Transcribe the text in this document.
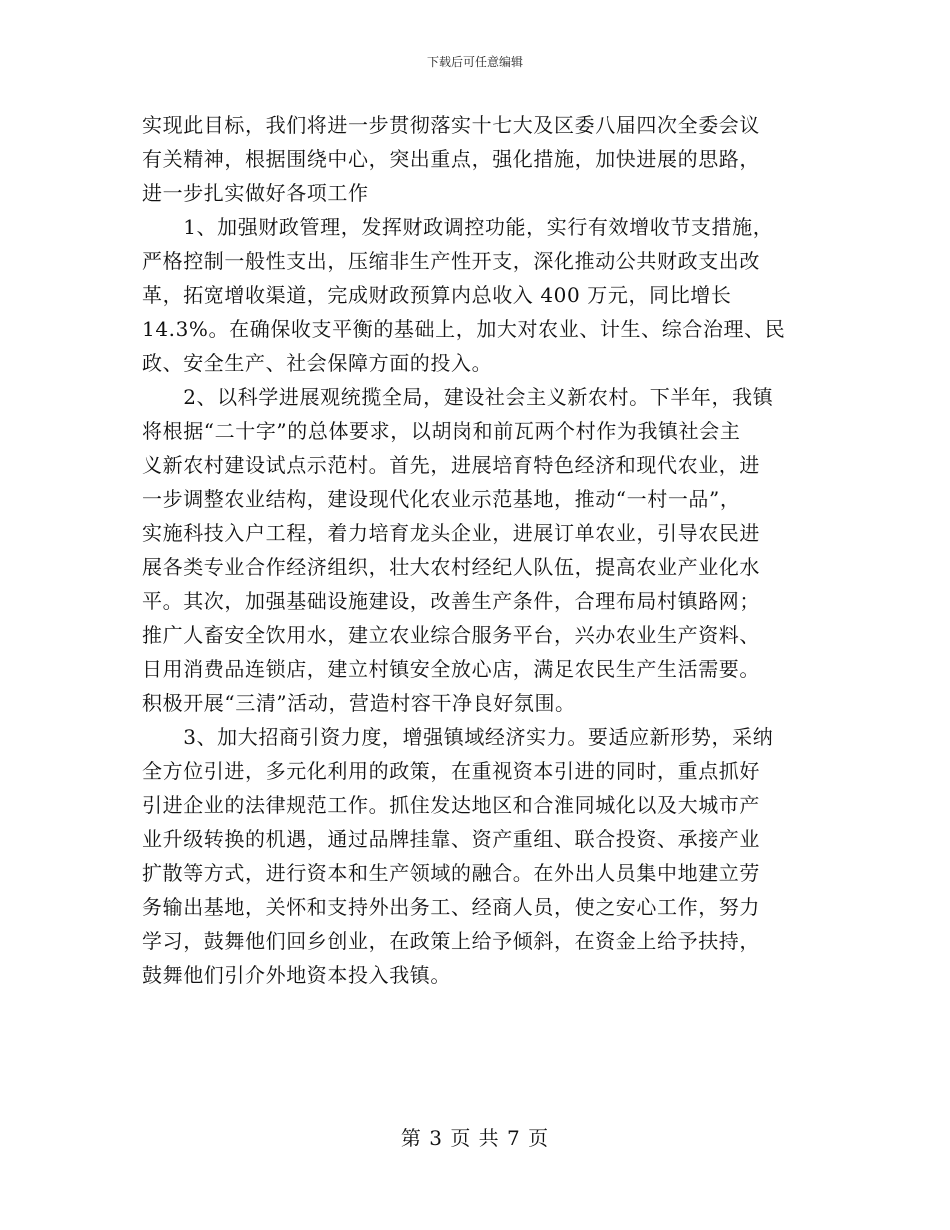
下载后可任意编辑

实现此目标，我们将进一步贯彻落实十七大及区委八届四次全委会议
有关精神，根据围绕中心，突出重点，强化措施，加快进展的思路，
进一步扎实做好各项工作

　　1、加强财政管理，发挥财政调控功能，实行有效增收节支措施，
严格控制一般性支出，压缩非生产性开支，深化推动公共财政支出改
革，拓宽增收渠道，完成财政预算内总收入 400 万元，同比增长
14.3%。在确保收支平衡的基础上，加大对农业、计生、综合治理、民
政、安全生产、社会保障方面的投入。

　　2、以科学进展观统揽全局，建设社会主义新农村。下半年，我镇
将根据“二十字”的总体要求，以胡岗和前瓦两个村作为我镇社会主
义新农村建设试点示范村。首先，进展培育特色经济和现代农业，进
一步调整农业结构，建设现代化农业示范基地，推动“一村一品”，
实施科技入户工程，着力培育龙头企业，进展订单农业，引导农民进
展各类专业合作经济组织，壮大农村经纪人队伍，提高农业产业化水
平。其次，加强基础设施建设，改善生产条件，合理布局村镇路网；
推广人畜安全饮用水，建立农业综合服务平台，兴办农业生产资料、
日用消费品连锁店，建立村镇安全放心店，满足农民生产生活需要。
积极开展“三清”活动，营造村容干净良好氛围。

　　3、加大招商引资力度，增强镇域经济实力。要适应新形势，采纳
全方位引进，多元化利用的政策，在重视资本引进的同时，重点抓好
引进企业的法律规范工作。抓住发达地区和合淮同城化以及大城市产
业升级转换的机遇，通过品牌挂靠、资产重组、联合投资、承接产业
扩散等方式，进行资本和生产领域的融合。在外出人员集中地建立劳
务输出基地，关怀和支持外出务工、经商人员，使之安心工作，努力
学习，鼓舞他们回乡创业，在政策上给予倾斜，在资金上给予扶持，
鼓舞他们引介外地资本投入我镇。

第 3 页 共 7 页
